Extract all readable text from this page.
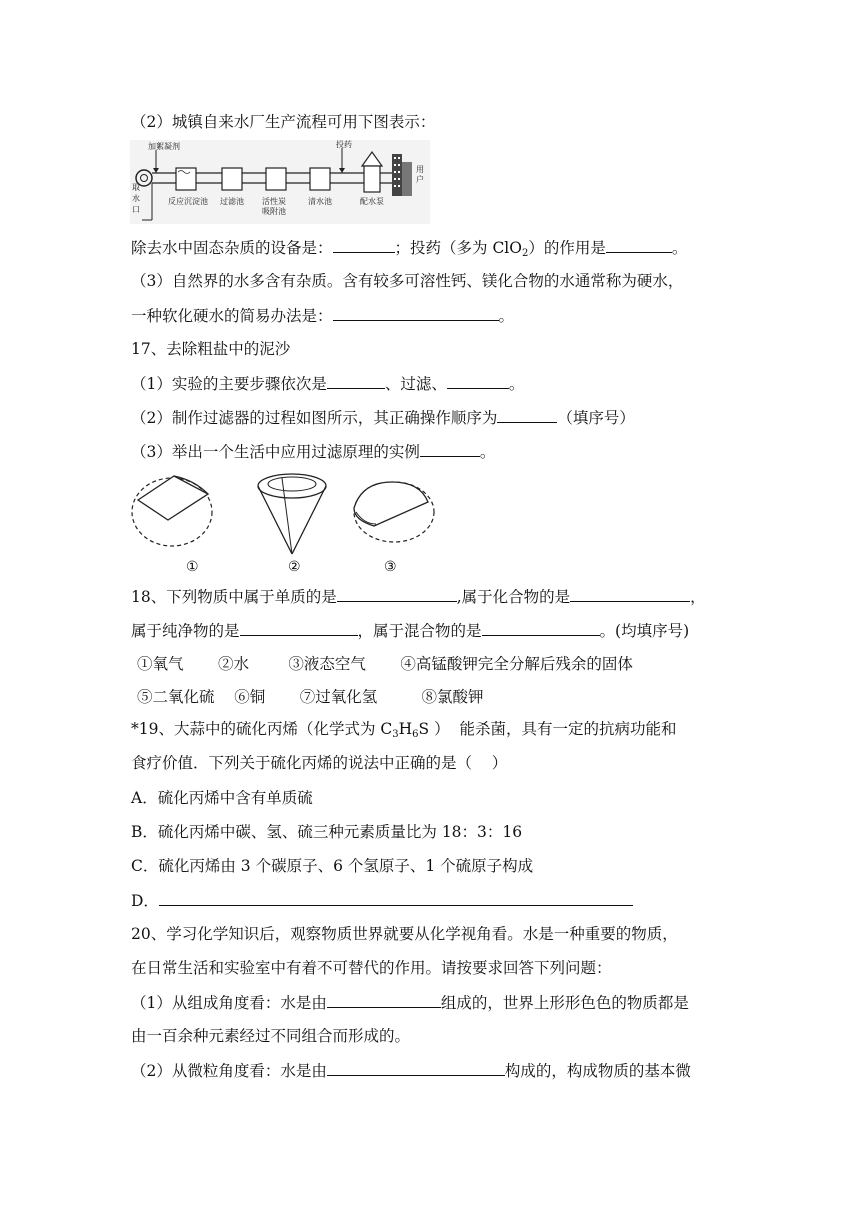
（2）城镇自来水厂生产流程可用下图表示：
取
水
口
加絮凝剂
反应沉淀池 过滤池 活性炭
吸附池
清水池
投药
配水泵
用
户
除去水中固态杂质的设备是：	；投药（多为 ClO$_2$）的作用是	。
（3）自然界的水多含有杂质。含有较多可溶性钙、镁化合物的水通常称为硬水，
一种软化硬水的简易办法是：	。
17、去除粗盐中的泥沙
（1）实验的主要步骤依次是	、过滤、	。
（2）制作过滤器的过程如图所示，其正确操作顺序为	（填序号）
（3）举出一个生活中应用过滤原理的实例	。
①	②	③
18、下列物质中属于单质的是	,属于化合物的是	，
属于纯净物的是	，属于混合物的是	。(均填序号)
①氧气       ②水        ③液态空气       ④高锰酸钾完全分解后残余的固体
⑤二氧化硫    ⑥铜       ⑦过氧化氢         ⑧氯酸钾
*19、大蒜中的硫化丙烯（化学式为 $C_3H_6S$ ）  能杀菌，具有一定的抗病功能和
食疗价值．下列关于硫化丙烯的说法中正确的是（    ）
A．硫化丙烯中含有单质硫
B．硫化丙烯中碳、氢、硫三种元素质量比为 18：3：16
C．硫化丙烯由 3 个碳原子、6 个氢原子、1 个硫原子构成
D．
20、学习化学知识后，观察物质世界就要从化学视角看。水是一种重要的物质，
在日常生活和实验室中有着不可替代的作用。请按要求回答下列问题：
（1）从组成角度看：水是由	组成的，世界上形形色色的物质都是
由一百余种元素经过不同组合而形成的。
（2）从微粒角度看：水是由	构成的，构成物质的基本微
